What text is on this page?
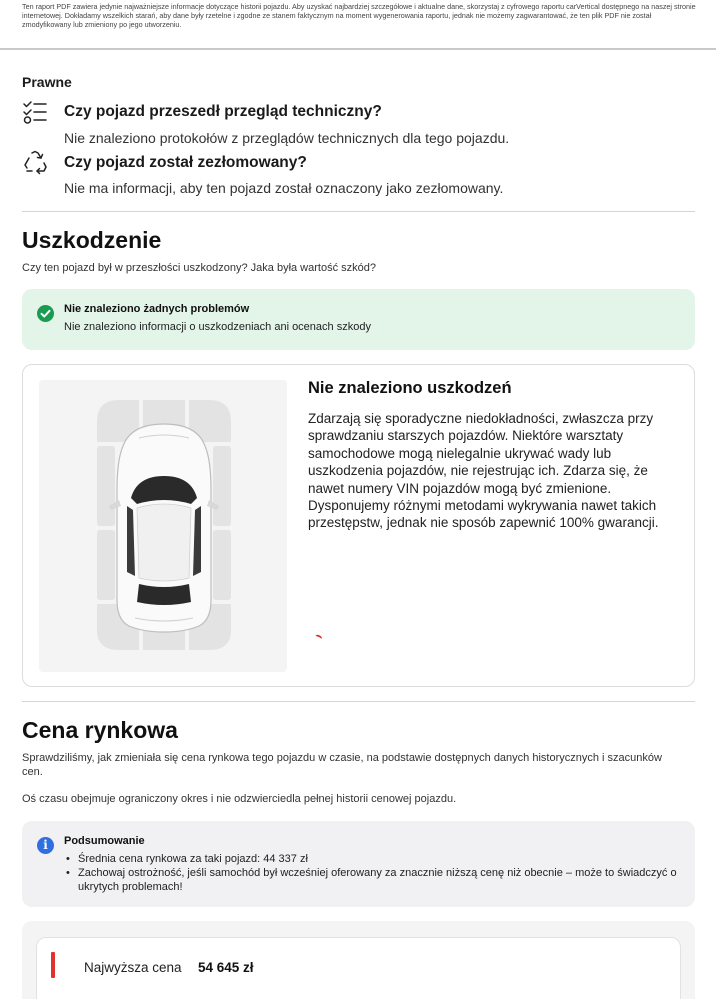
Ten raport PDF zawiera jedynie najważniejsze informacje dotyczące historii pojazdu. Aby uzyskać najbardziej szczegółowe i aktualne dane, skorzystaj z cyfrowego raportu carVertical dostępnego na naszej stronie internetowej. Dokładamy wszelkich starań, aby dane były rzetelne i zgodne ze stanem faktycznym na moment wygenerowania raportu, jednak nie możemy zagwarantować, że ten plik PDF nie został zmodyfikowany lub zmieniony po jego utworzeniu.
Prawne
Czy pojazd przeszedł przegląd techniczny?
Nie znaleziono protokołów z przeglądów technicznych dla tego pojazdu.
Czy pojazd został zezłomowany?
Nie ma informacji, aby ten pojazd został oznaczony jako zezłomowany.
Uszkodzenie
Czy ten pojazd był w przeszłości uszkodzony? Jaka była wartość szkód?
Nie znaleziono żadnych problemów
Nie znaleziono informacji o uszkodzeniach ani ocenach szkody
Nie znaleziono uszkodzeń
Zdarzają się sporadyczne niedokładności, zwłaszcza przy sprawdzaniu starszych pojazdów. Niektóre warsztaty samochodowe mogą nielegalnie ukrywać wady lub uszkodzenia pojazdów, nie rejestrując ich. Zdarza się, że nawet numery VIN pojazdów mogą być zmienione. Dysponujemy różnymi metodami wykrywania nawet takich przestępstw, jednak nie sposób zapewnić 100% gwarancji.
Cena rynkowa
Sprawdziliśmy, jak zmieniała się cena rynkowa tego pojazdu w czasie, na podstawie dostępnych danych historycznych i szacunków cen.
Oś czasu obejmuje ograniczony okres i nie odzwierciedla pełnej historii cenowej pojazdu.
i	Podsumowanie
• Średnia cena rynkowa za taki pojazd: 44 337 zł
• Zachowaj ostrożność, jeśli samochód był wcześniej oferowany za znacznie niższą cenę niż obecnie – może to świadczyć o ukrytych problemach!
Najwyższa cena 54 645 zł
